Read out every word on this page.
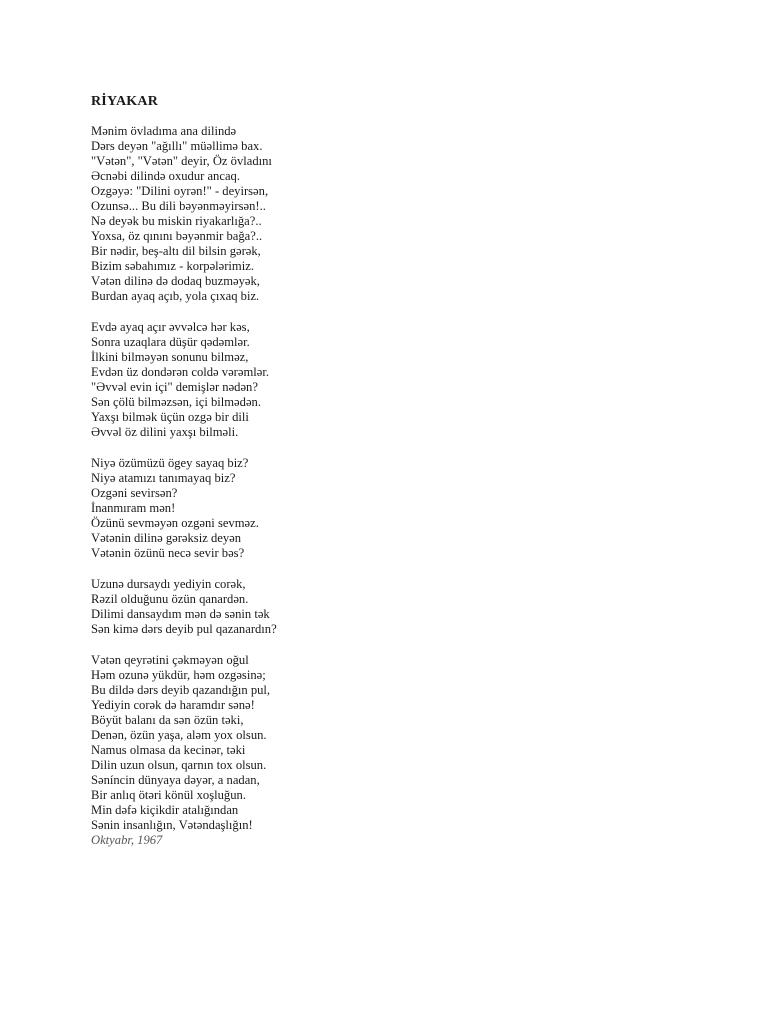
RİYAKAR
Mənim övladıma ana dilində
Dərs deyən "ağıllı" müəllimə bax.
"Vətən", "Vətən" deyir, Öz övladını
Əcnəbi dilində oxudur ancaq.
Ozgəyə: "Dilini oyrən!" - deyirsən,
Ozunsə... Bu dili bəyənməyirsən!..
Nə deyək bu miskin riyakarlığa?..
Yoxsa, öz qınını bəyənmir bağa?..
Bir nədir, beş-altı dil bilsin gərək,
Bizim səbahımız - korpələrimiz.
Vətən dilinə də dodaq buzməyək,
Burdan ayaq açıb, yola çıxaq biz.
Evdə ayaq açır əvvəlcə hər kəs,
Sonra uzaqlara düşür qədəmlər.
İlkini bilməyən sonunu bilməz,
Evdən üz dondərən coldə vərəmlər.
"Əvvəl evin içi" demişlər nədən?
Sən çölü bilməzsən, içi bilmədən.
Yaxşı bilmək üçün ozgə bir dili
Əvvəl öz dilini yaxşı bilməli.
Niyə özümüzü ögey sayaq biz?
Niyə atamızı tanımayaq biz?
Ozgəni sevirsən?
İnanmıram mən!
Özünü sevməyən ozgəni sevməz.
Vətənin dilinə gərəksiz deyən
Vətənin özünü necə sevir bəs?
Uzunə dursaydı yediyin corək,
Rəzil olduğunu özün qanardən.
Dilimi dansaydım mən də sənin tək
Sən kimə dərs deyib pul qazanardın?
Vətən qeyrətini çəkməyən oğul
Həm ozunə yükdür, həm ozgəsinə;
Bu dildə dərs deyib qazandığın pul,
Yediyin corək də haramdır sənə!
Böyüt balanı da sən özün təki,
Denən, özün yaşa, aləm yox olsun.
Namus olmasa da kecinər, təki
Dilin uzun olsun, qarnın tox olsun.
Səníncin dünyaya dəyər, a nadan,
Bir anlıq ötəri könül xoşluğun.
Min dəfə kiçikdir atalığından
Sənin insanlığın, Vətəndaşlığın!
Oktyabr, 1967
